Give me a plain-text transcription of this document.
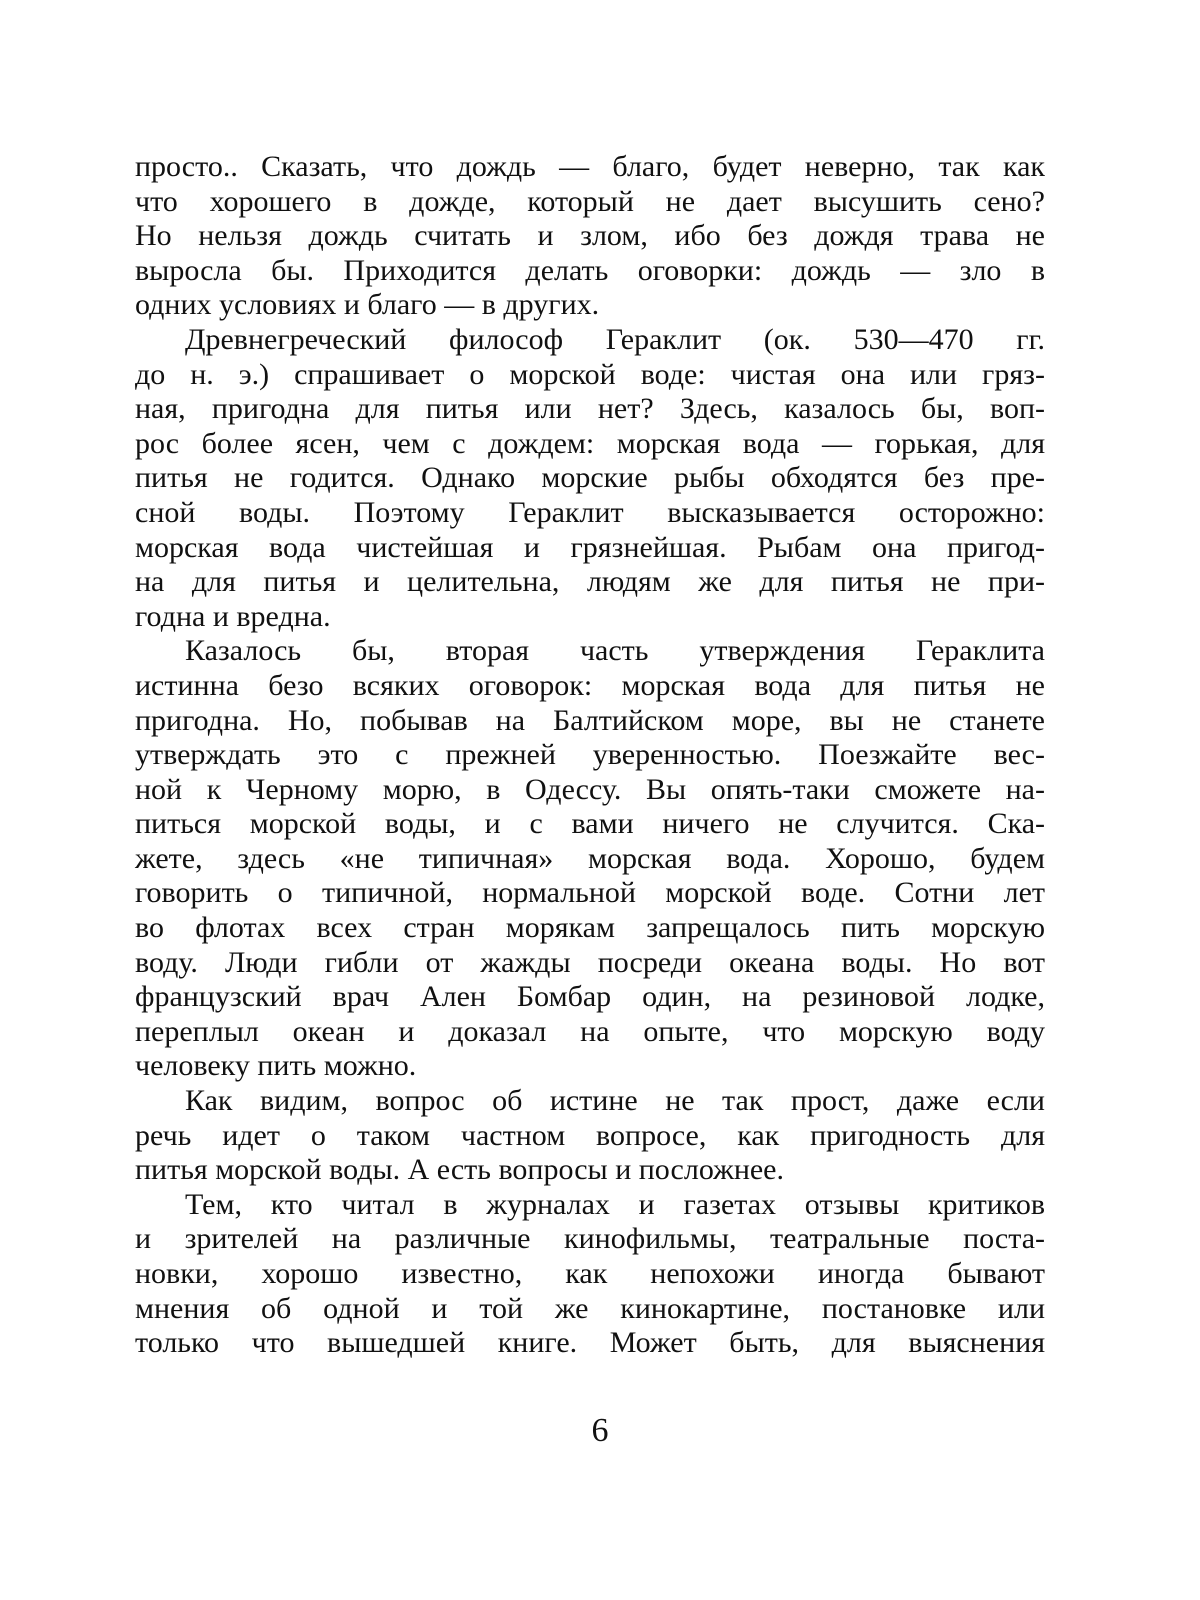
просто.. Сказать, что дождь — благо, будет неверно, так как
что хорошего в дожде, который не дает высушить сено?
Но нельзя дождь считать и злом, ибо без дождя трава не
выросла бы. Приходится делать оговорки: дождь — зло в
одних условиях и благо — в других.
Древнегреческий философ Гераклит (ок. 530—470 гг.
до н. э.) спрашивает о морской воде: чистая она или гряз-
ная, пригодна для питья или нет? Здесь, казалось бы, воп-
рос более ясен, чем с дождем: морская вода — горькая, для
питья не годится. Однако морские рыбы обходятся без пре-
сной воды. Поэтому Гераклит высказывается осторожно:
морская вода чистейшая и грязнейшая. Рыбам она пригод-
на для питья и целительна, людям же для питья не при-
годна и вредна.
Казалось бы, вторая часть утверждения Гераклита
истинна безо всяких оговорок: морская вода для питья не
пригодна. Но, побывав на Балтийском море, вы не станете
утверждать это с прежней уверенностью. Поезжайте вес-
ной к Черному морю, в Одессу. Вы опять-таки сможете на-
питься морской воды, и с вами ничего не случится. Ска-
жете, здесь «не типичная» морская вода. Хорошо, будем
говорить о типичной, нормальной морской воде. Сотни лет
во флотах всех стран морякам запрещалось пить морскую
воду. Люди гибли от жажды посреди океана воды. Но вот
французский врач Ален Бомбар один, на резиновой лодке,
переплыл океан и доказал на опыте, что морскую воду
человеку пить можно.
Как видим, вопрос об истине не так прост, даже если
речь идет о таком частном вопросе, как пригодность для
питья морской воды. А есть вопросы и посложнее.
Тем, кто читал в журналах и газетах отзывы критиков
и зрителей на различные кинофильмы, театральные поста-
новки, хорошо известно, как непохожи иногда бывают
мнения об одной и той же кинокартине, постановке или
только что вышедшей книге. Может быть, для выяснения
6
